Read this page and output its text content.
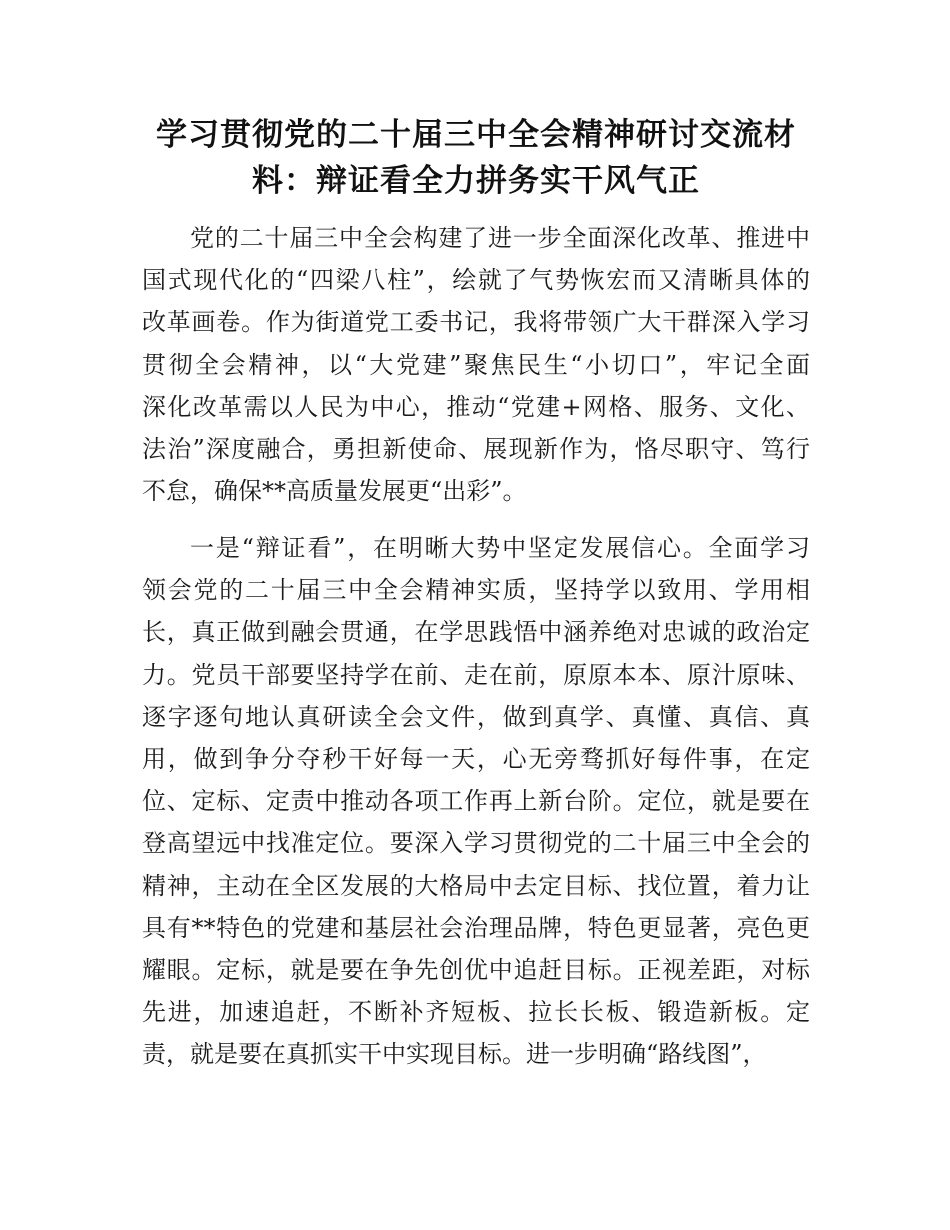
学习贯彻党的二十届三中全会精神研讨交流材
料：辩证看全力拼务实干风气正
党的二十届三中全会构建了进一步全面深化改革、推进中
国式现代化的“四梁八柱”，绘就了气势恢宏而又清晰具体的
改革画卷。作为街道党工委书记，我将带领广大干群深入学习
贯彻全会精神，以“大党建”聚焦民生“小切口”，牢记全面
深化改革需以人民为中心，推动“党建+网格、服务、文化、
法治”深度融合，勇担新使命、展现新作为，恪尽职守、笃行
不怠，确保**高质量发展更“出彩”。
一是“辩证看”，在明晰大势中坚定发展信心。全面学习
领会党的二十届三中全会精神实质，坚持学以致用、学用相
长，真正做到融会贯通，在学思践悟中涵养绝对忠诚的政治定
力。党员干部要坚持学在前、走在前，原原本本、原汁原味、
逐字逐句地认真研读全会文件，做到真学、真懂、真信、真
用，做到争分夺秒干好每一天，心无旁骛抓好每件事，在定
位、定标、定责中推动各项工作再上新台阶。定位，就是要在
登高望远中找准定位。要深入学习贯彻党的二十届三中全会的
精神，主动在全区发展的大格局中去定目标、找位置，着力让
具有**特色的党建和基层社会治理品牌，特色更显著，亮色更
耀眼。定标，就是要在争先创优中追赶目标。正视差距，对标
先进，加速追赶，不断补齐短板、拉长长板、锻造新板。定
责，就是要在真抓实干中实现目标。进一步明确“路线图”，
